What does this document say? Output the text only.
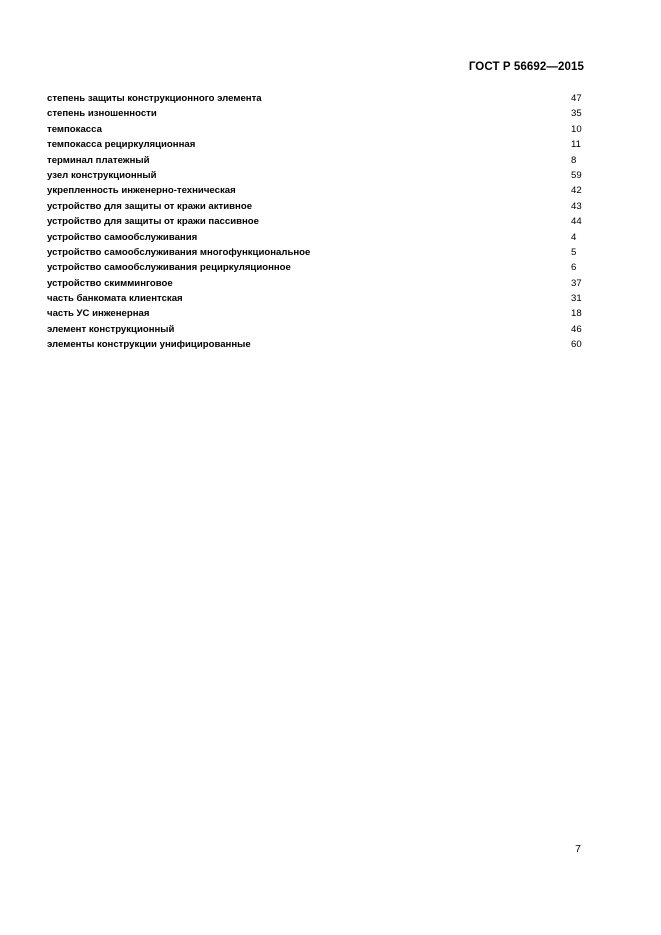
ГОСТ Р 56692—2015
степень защиты конструкционного элемента	47
степень изношенности	35
темпокасса	10
темпокасса рециркуляционная	11
терминал платежный	8
узел конструкционный	59
укрепленность инженерно-техническая	42
устройство для защиты от кражи активное	43
устройство для защиты от кражи пассивное	44
устройство самообслуживания	4
устройство самообслуживания многофункциональное	5
устройство самообслуживания рециркуляционное	6
устройство скимминговое	37
часть банкомата клиентская	31
часть УС инженерная	18
элемент конструкционный	46
элементы конструкции унифицированные	60
7
